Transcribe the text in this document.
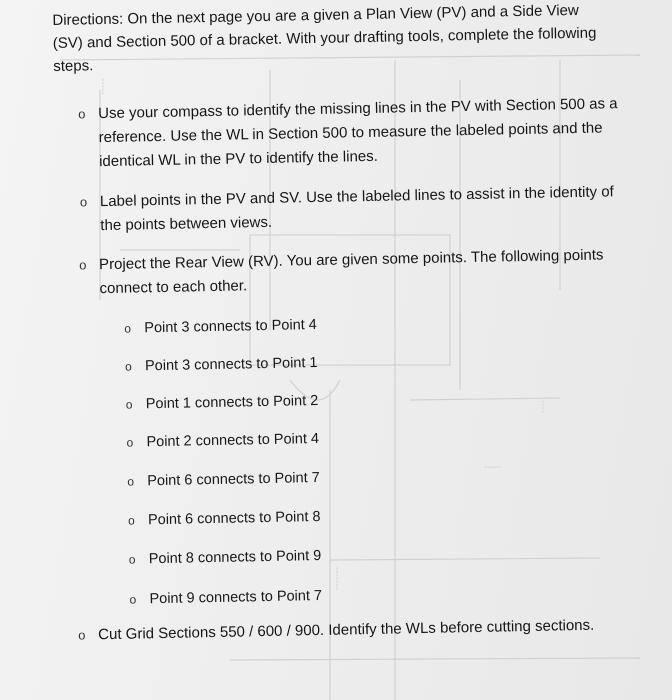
-----
----
-----
-------
Directions: On the next page you are a given a Plan View (PV) and a Side View (SV) and Section 500 of a bracket. With your drafting tools, complete the following steps.
o Use your compass to identify the missing lines in the PV with Section 500 as a reference. Use the WL in Section 500 to measure the labeled points and the identical WL in the PV to identify the lines.
o Label points in the PV and SV. Use the labeled lines to assist in the identity of the points between views.
o Project the Rear View (RV). You are given some points. The following points connect to each other.
o Point 3 connects to Point 4
o Point 3 connects to Point 1
o Point 1 connects to Point 2
o Point 2 connects to Point 4
o Point 6 connects to Point 7
o Point 6 connects to Point 8
o Point 8 connects to Point 9
o Point 9 connects to Point 7
o Cut Grid Sections 550 / 600 / 900. Identify the WLs before cutting sections.
